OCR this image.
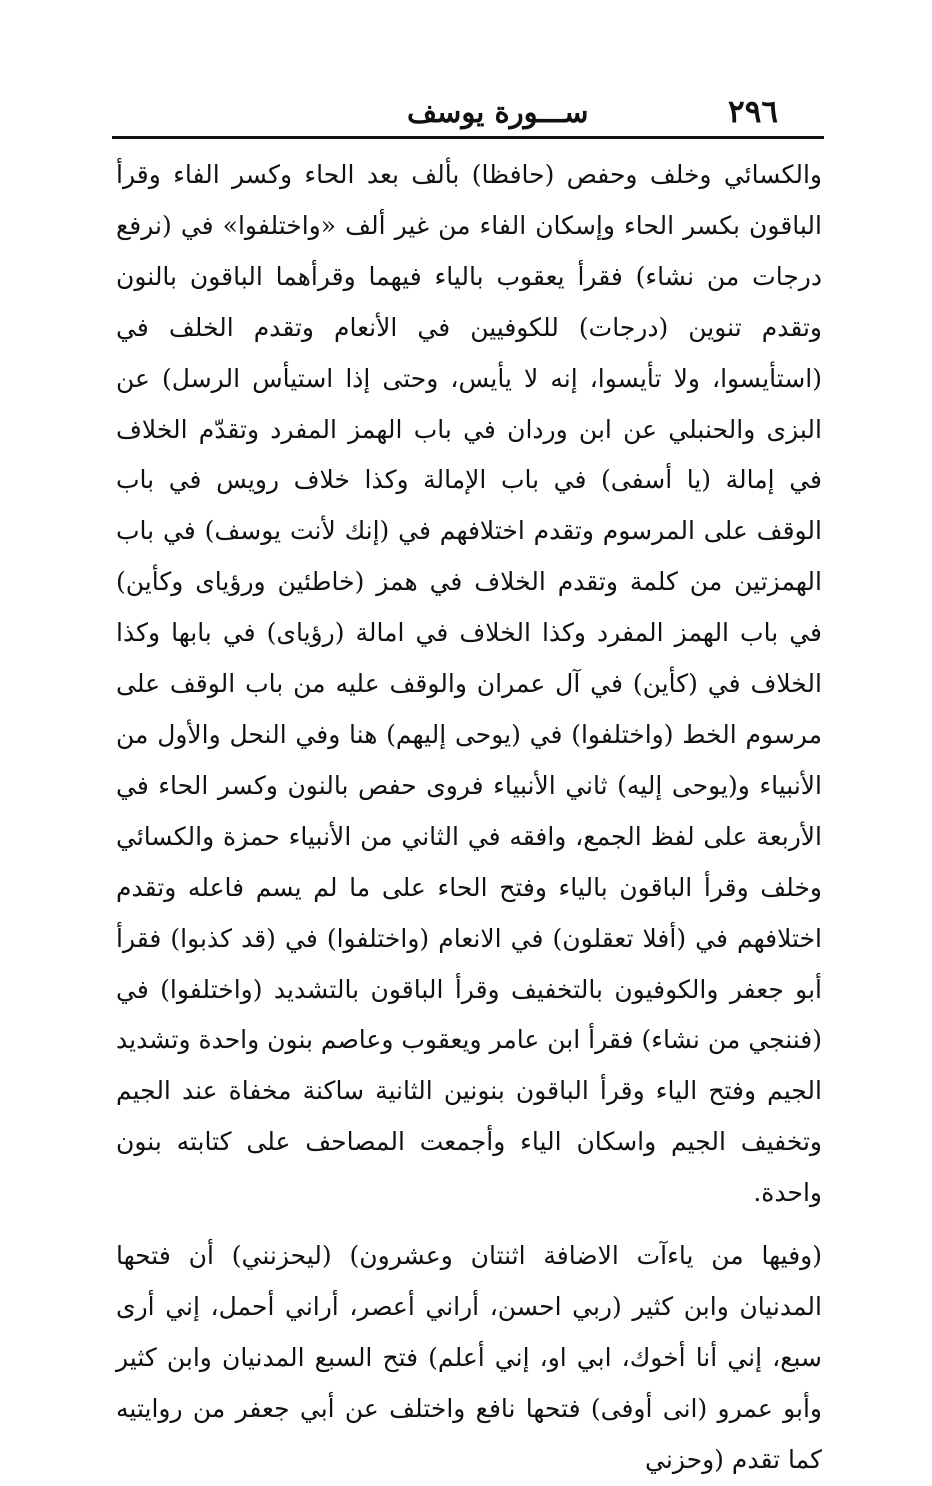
ســـورة يوسف	٢٩٦

والكسائي وخلف وحفص (حافظا) بألف بعد الحاء وكسر الفاء وقرأ الباقون بكسر الحاء وإسكان الفاء من غير ألف «واختلفوا» في (نرفع درجات من نشاء) فقرأ يعقوب بالياء فيهما وقرأهما الباقون بالنون وتقدم تنوين (درجات) للكوفيين في الأنعام وتقدم الخلف في (استأيسوا، ولا تأيسوا، إنه لا يأيس، وحتى إذا استيأس الرسل) عن البزى والحنبلي عن ابن وردان في باب الهمز المفرد وتقدّم الخلاف في إمالة (يا أسفى) في باب الإمالة وكذا خلاف رويس في باب الوقف على المرسوم وتقدم اختلافهم في (إنك لأنت يوسف) في باب الهمزتين من كلمة وتقدم الخلاف في همز (خاطئين ورؤياى وكأين) في باب الهمز المفرد وكذا الخلاف في امالة (رؤياى) في بابها وكذا الخلاف في (كأين) في آل عمران والوقف عليه من باب الوقف على مرسوم الخط (واختلفوا) في (يوحى إليهم) هنا وفي النحل والأول من الأنبياء و(يوحى إليه) ثاني الأنبياء فروى حفص بالنون وكسر الحاء في الأربعة على لفظ الجمع، وافقه في الثاني من الأنبياء حمزة والكسائي وخلف وقرأ الباقون بالياء وفتح الحاء على ما لم يسم فاعله وتقدم اختلافهم في (أفلا تعقلون) في الانعام (واختلفوا) في (قد كذبوا) فقرأ أبو جعفر والكوفيون بالتخفيف وقرأ الباقون بالتشديد (واختلفوا) في (فننجي من نشاء) فقرأ ابن عامر ويعقوب وعاصم بنون واحدة وتشديد الجيم وفتح الياء وقرأ الباقون بنونين الثانية ساكنة مخفاة عند الجيم وتخفيف الجيم واسكان الياء وأجمعت المصاحف على كتابته بنون واحدة.

(وفيها من ياءآت الاضافة اثنتان وعشرون) (ليحزنني) أن فتحها المدنيان وابن كثير (ربي احسن، أراني أعصر، أراني أحمل، إني أرى سبع، إني أنا أخوك، ابي او، إني أعلم) فتح السبع المدنيان وابن كثير وأبو عمرو (انى أوفى) فتحها نافع واختلف عن أبي جعفر من روايتيه كما تقدم (وحزني
